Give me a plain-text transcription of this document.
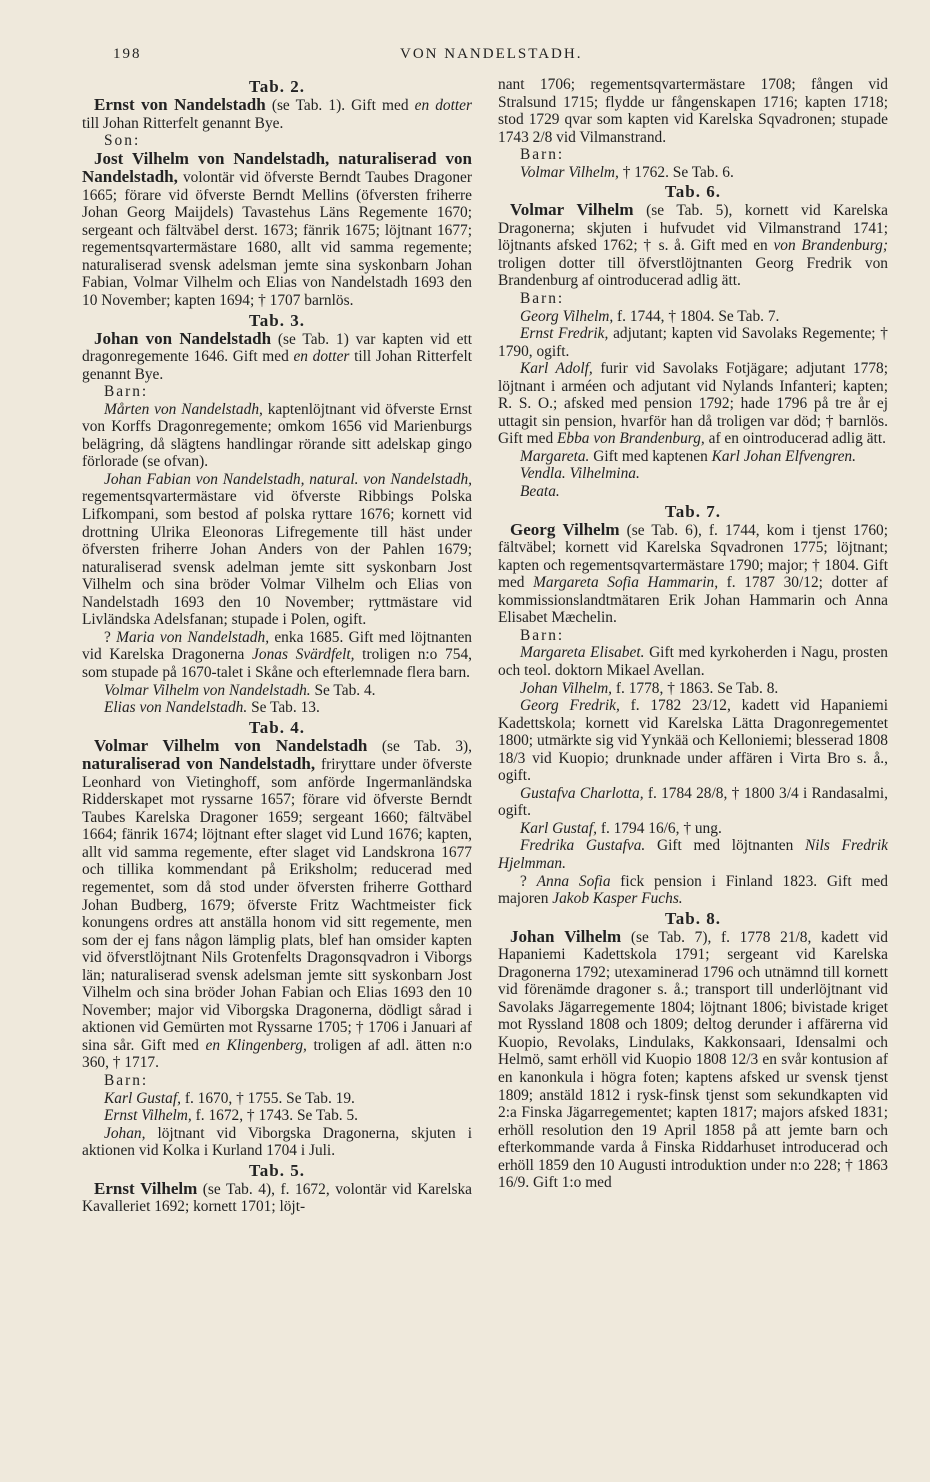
198	VON NANDELSTADH.
Tab. 2.

Ernst von Nandelstadh (se Tab. 1). Gift med en dotter till Johan Ritterfelt genannt Bye.

Son:

Jost Vilhelm von Nandelstadh, naturaliserad von Nandelstadh, volontär vid öfverste Berndt Taubes Dragoner 1665; förare vid öfverste Berndt Mellins (öfversten friherre Johan Georg Maijdels) Tavastehus Läns Regemente 1670; sergeant och fältväbel derst. 1673; fänrik 1675; löjtnant 1677; regementsqvartermästare 1680, allt vid samma regemente; naturaliserad svensk adelsman jemte sina syskonbarn Johan Fabian, Volmar Vilhelm och Elias von Nandelstadh 1693 den 10 November; kapten 1694; † 1707 barnlös.

Tab. 3.

Johan von Nandelstadh (se Tab. 1) var kapten vid ett dragonregemente 1646. Gift med en dotter till Johan Ritterfelt genannt Bye.

Barn:

Mårten von Nandelstadh, kaptenlöjtnant vid öfverste Ernst von Korffs Dragonregemente; omkom 1656 vid Marienburgs belägring, då slägtens handlingar rörande sitt adelskap gingo förlorade (se ofvan).

Johan Fabian von Nandelstadh, natural. von Nandelstadh, regementsqvartermästare vid öfverste Ribbings Polska Lifkompani, som bestod af polska ryttare 1676; kornett vid drottning Ulrika Eleonoras Lifregemente till häst under öfversten friherre Johan Anders von der Pahlen 1679; naturaliserad svensk adelman jemte sitt syskonbarn Jost Vilhelm och sina bröder Volmar Vilhelm och Elias von Nandelstadh 1693 den 10 November; ryttmästare vid Livländska Adelsfanan; stupade i Polen, ogift.

? Maria von Nandelstadh, enka 1685. Gift med löjtnanten vid Karelska Dragonerna Jonas Svärdfelt, troligen n:o 754, som stupade på 1670-talet i Skåne och efterlemnade flera barn.

Volmar Vilhelm von Nandelstadh. Se Tab. 4.

Elias von Nandelstadh. Se Tab. 13.

Tab. 4.

Volmar Vilhelm von Nandelstadh (se Tab. 3), naturaliserad von Nandelstadh, friryttare under öfverste Leonhard von Vietinghoff, som anförde Ingermanländska Ridderskapet mot ryssarne 1657; förare vid öfverste Berndt Taubes Karelska Dragoner 1659; sergeant 1660; fältväbel 1664; fänrik 1674; löjtnant efter slaget vid Lund 1676; kapten, allt vid samma regemente, efter slaget vid Landskrona 1677 och tillika kommendant på Eriksholm; reducerad med regementet, som då stod under öfversten friherre Gotthard Johan Budberg, 1679; öfverste Fritz Wachtmeister fick konungens ordres att anställa honom vid sitt regemente, men som der ej fans någon lämplig plats, blef han omsider kapten vid öfverstlöjtnant Nils Grotenfelts Dragonsqvadron i Viborgs län; naturaliserad svensk adelsman jemte sitt syskonbarn Jost Vilhelm och sina bröder Johan Fabian och Elias 1693 den 10 November; major vid Viborgska Dragonerna, dödligt sårad i aktionen vid Gemürten mot Ryssarne 1705; † 1706 i Januari af sina sår. Gift med en Klingenberg, troligen af adl. ätten n:o 360, † 1717.

Barn:

Karl Gustaf, f. 1670, † 1755. Se Tab. 19.

Ernst Vilhelm, f. 1672, † 1743. Se Tab. 5.

Johan, löjtnant vid Viborgska Dragonerna, skjuten i aktionen vid Kolka i Kurland 1704 i Juli.

Tab. 5.

Ernst Vilhelm (se Tab. 4), f. 1672, volontär vid Karelska Kavalleriet 1692; kornett 1701; löjt-

nant 1706; regementsqvartermästare 1708; fången vid Stralsund 1715; flydde ur fångenskapen 1716; kapten 1718; stod 1729 qvar som kapten vid Karelska Sqvadronen; stupade 1743 2/8 vid Vilmanstrand.

Barn:

Volmar Vilhelm, † 1762. Se Tab. 6.

Tab. 6.

Volmar Vilhelm (se Tab. 5), kornett vid Karelska Dragonerna; skjuten i hufvudet vid Vilmanstrand 1741; löjtnants afsked 1762; † s. å. Gift med en von Brandenburg; troligen dotter till öfverstlöjtnanten Georg Fredrik von Brandenburg af ointroducerad adlig ätt.

Barn:

Georg Vilhelm, f. 1744, † 1804. Se Tab. 7.

Ernst Fredrik, adjutant; kapten vid Savolaks Regemente; † 1790, ogift.

Karl Adolf, furir vid Savolaks Fotjägare; adjutant 1778; löjtnant i arméen och adjutant vid Nylands Infanteri; kapten; R. S. O.; afsked med pension 1792; hade 1796 på tre år ej uttagit sin pension, hvarför han då troligen var död; † barnlös. Gift med Ebba von Brandenburg, af en ointroducerad adlig ätt.

Margareta. Gift med kaptenen Karl Johan Elfvengren.

Vendla. Vilhelmina.

Beata.

Tab. 7.

Georg Vilhelm (se Tab. 6), f. 1744, kom i tjenst 1760; fältväbel; kornett vid Karelska Sqvadronen 1775; löjtnant; kapten och regementsqvartermästare 1790; major; † 1804. Gift med Margareta Sofia Hammarin, f. 1787 30/12; dotter af kommissionslandtmätaren Erik Johan Hammarin och Anna Elisabet Mæchelin.

Barn:

Margareta Elisabet. Gift med kyrkoherden i Nagu, prosten och teol. doktorn Mikael Avellan.

Johan Vilhelm, f. 1778, † 1863. Se Tab. 8.

Georg Fredrik, f. 1782 23/12, kadett vid Hapaniemi Kadettskola; kornett vid Karelska Lätta Dragonregementet 1800; utmärkte sig vid Yynkää och Kelloniemi; blesserad 1808 18/3 vid Kuopio; drunknade under affären i Virta Bro s. å., ogift.

Gustafva Charlotta, f. 1784 28/8, † 1800 3/4 i Randasalmi, ogift.

Karl Gustaf, f. 1794 16/6, † ung.

Fredrika Gustafva. Gift med löjtnanten Nils Fredrik Hjelmman.

? Anna Sofia fick pension i Finland 1823. Gift med majoren Jakob Kasper Fuchs.

Tab. 8.

Johan Vilhelm (se Tab. 7), f. 1778 21/8, kadett vid Hapaniemi Kadettskola 1791; sergeant vid Karelska Dragonerna 1792; utexaminerad 1796 och utnämnd till kornett vid förenämde dragoner s. å.; transport till underlöjtnant vid Savolaks Jägarregemente 1804; löjtnant 1806; bivistade kriget mot Ryssland 1808 och 1809; deltog derunder i affärerna vid Kuopio, Revolaks, Lindulaks, Kakkonsaari, Idensalmi och Helmö, samt erhöll vid Kuopio 1808 12/3 en svår kontusion af en kanonkula i högra foten; kaptens afsked ur svensk tjenst 1809; anstäld 1812 i rysk-finsk tjenst som sekundkapten vid 2:a Finska Jägarregementet; kapten 1817; majors afsked 1831; erhöll resolution den 19 April 1858 på att jemte barn och efterkommande varda å Finska Riddarhuset introducerad och erhöll 1859 den 10 Augusti introduktion under n:o 228; † 1863 16/9. Gift 1:o med
